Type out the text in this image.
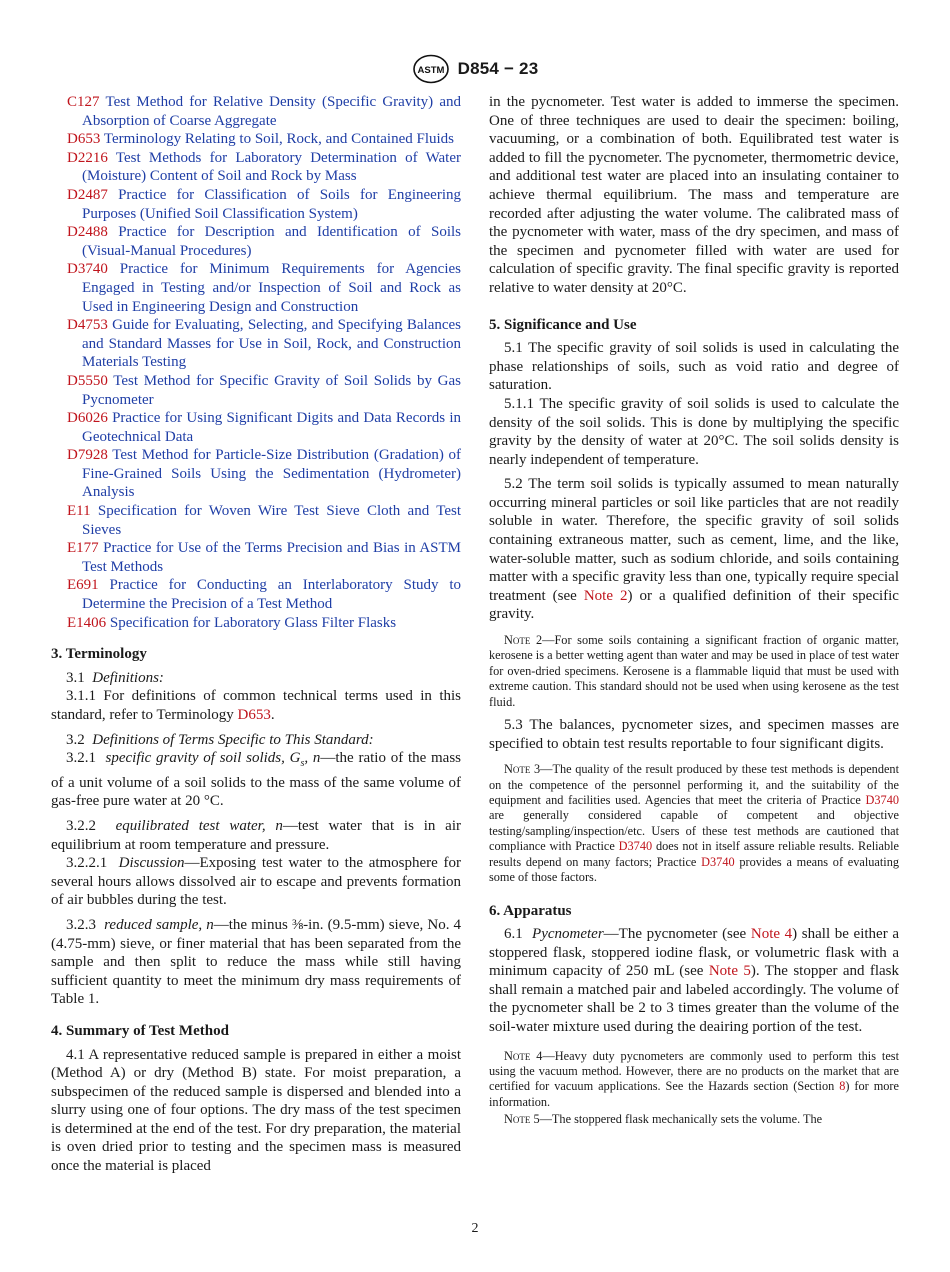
ASTM D854 − 23

C127 Test Method for Relative Density (Specific Gravity) and Absorption of Coarse Aggregate

D653 Terminology Relating to Soil, Rock, and Contained Fluids

D2216 Test Methods for Laboratory Determination of Water (Moisture) Content of Soil and Rock by Mass

D2487 Practice for Classification of Soils for Engineering Purposes (Unified Soil Classification System)

D2488 Practice for Description and Identification of Soils (Visual-Manual Procedures)

D3740 Practice for Minimum Requirements for Agencies Engaged in Testing and/or Inspection of Soil and Rock as Used in Engineering Design and Construction

D4753 Guide for Evaluating, Selecting, and Specifying Balances and Standard Masses for Use in Soil, Rock, and Construction Materials Testing

D5550 Test Method for Specific Gravity of Soil Solids by Gas Pycnometer

D6026 Practice for Using Significant Digits and Data Records in Geotechnical Data

D7928 Test Method for Particle-Size Distribution (Gradation) of Fine-Grained Soils Using the Sedimentation (Hydrometer) Analysis

E11 Specification for Woven Wire Test Sieve Cloth and Test Sieves

E177 Practice for Use of the Terms Precision and Bias in ASTM Test Methods

E691 Practice for Conducting an Interlaboratory Study to Determine the Precision of a Test Method

E1406 Specification for Laboratory Glass Filter Flasks

3. Terminology

3.1 Definitions:

3.1.1 For definitions of common technical terms used in this standard, refer to Terminology D653.

3.2 Definitions of Terms Specific to This Standard:

3.2.1 specific gravity of soil solids, $G_s$, n—the ratio of the mass of a unit volume of a soil solids to the mass of the same volume of gas-free pure water at 20 °C.

3.2.2 equilibrated test water, n—test water that is in air equilibrium at room temperature and pressure.

3.2.2.1 Discussion—Exposing test water to the atmosphere for several hours allows dissolved air to escape and prevents formation of air bubbles during the test.

3.2.3 reduced sample, n—the minus ⅜-in. (9.5-mm) sieve, No. 4 (4.75-mm) sieve, or finer material that has been separated from the sample and then split to reduce the mass while still having sufficient quantity to meet the minimum dry mass requirements of Table 1.

4. Summary of Test Method

4.1 A representative reduced sample is prepared in either a moist (Method A) or dry (Method B) state. For moist preparation, a subspecimen of the reduced sample is dispersed and blended into a slurry using one of four options. The dry mass of the test specimen is determined at the end of the test. For dry preparation, the material is oven dried prior to testing and the specimen mass is measured once the material is placed

in the pycnometer. Test water is added to immerse the specimen. One of three techniques are used to deair the specimen: boiling, vacuuming, or a combination of both. Equilibrated test water is added to fill the pycnometer. The pycnometer, thermometric device, and additional test water are placed into an insulating container to achieve thermal equilibrium. The mass and temperature are recorded after adjusting the water volume. The calibrated mass of the pycnometer with water, mass of the dry specimen, and mass of the specimen and pycnometer filled with water are used for calculation of specific gravity. The final specific gravity is reported relative to water density at 20°C.

5. Significance and Use

5.1 The specific gravity of soil solids is used in calculating the phase relationships of soils, such as void ratio and degree of saturation.

5.1.1 The specific gravity of soil solids is used to calculate the density of the soil solids. This is done by multiplying the specific gravity by the density of water at 20°C. The soil solids density is nearly independent of temperature.

5.2 The term soil solids is typically assumed to mean naturally occurring mineral particles or soil like particles that are not readily soluble in water. Therefore, the specific gravity of soil solids containing extraneous matter, such as cement, lime, and the like, water-soluble matter, such as sodium chloride, and soils containing matter with a specific gravity less than one, typically require special treatment (see Note 2) or a qualified definition of their specific gravity.

Note 2—For some soils containing a significant fraction of organic matter, kerosene is a better wetting agent than water and may be used in place of test water for oven-dried specimens. Kerosene is a flammable liquid that must be used with extreme caution. This standard should not be used when using kerosene as the test fluid.

5.3 The balances, pycnometer sizes, and specimen masses are specified to obtain test results reportable to four significant digits.

Note 3—The quality of the result produced by these test methods is dependent on the competence of the personnel performing it, and the suitability of the equipment and facilities used. Agencies that meet the criteria of Practice D3740 are generally considered capable of competent and objective testing/sampling/inspection/etc. Users of these test methods are cautioned that compliance with Practice D3740 does not in itself assure reliable results. Reliable results depend on many factors; Practice D3740 provides a means of evaluating some of those factors.

6. Apparatus

6.1 Pycnometer—The pycnometer (see Note 4) shall be either a stoppered flask, stoppered iodine flask, or volumetric flask with a minimum capacity of 250 mL (see Note 5). The stopper and flask shall remain a matched pair and labeled accordingly. The volume of the pycnometer shall be 2 to 3 times greater than the volume of the soil-water mixture used during the deairing portion of the test.

Note 4—Heavy duty pycnometers are commonly used to perform this test using the vacuum method. However, there are no products on the market that are certified for vacuum applications. See the Hazards section (Section 8) for more information.

Note 5—The stoppered flask mechanically sets the volume. The

2
